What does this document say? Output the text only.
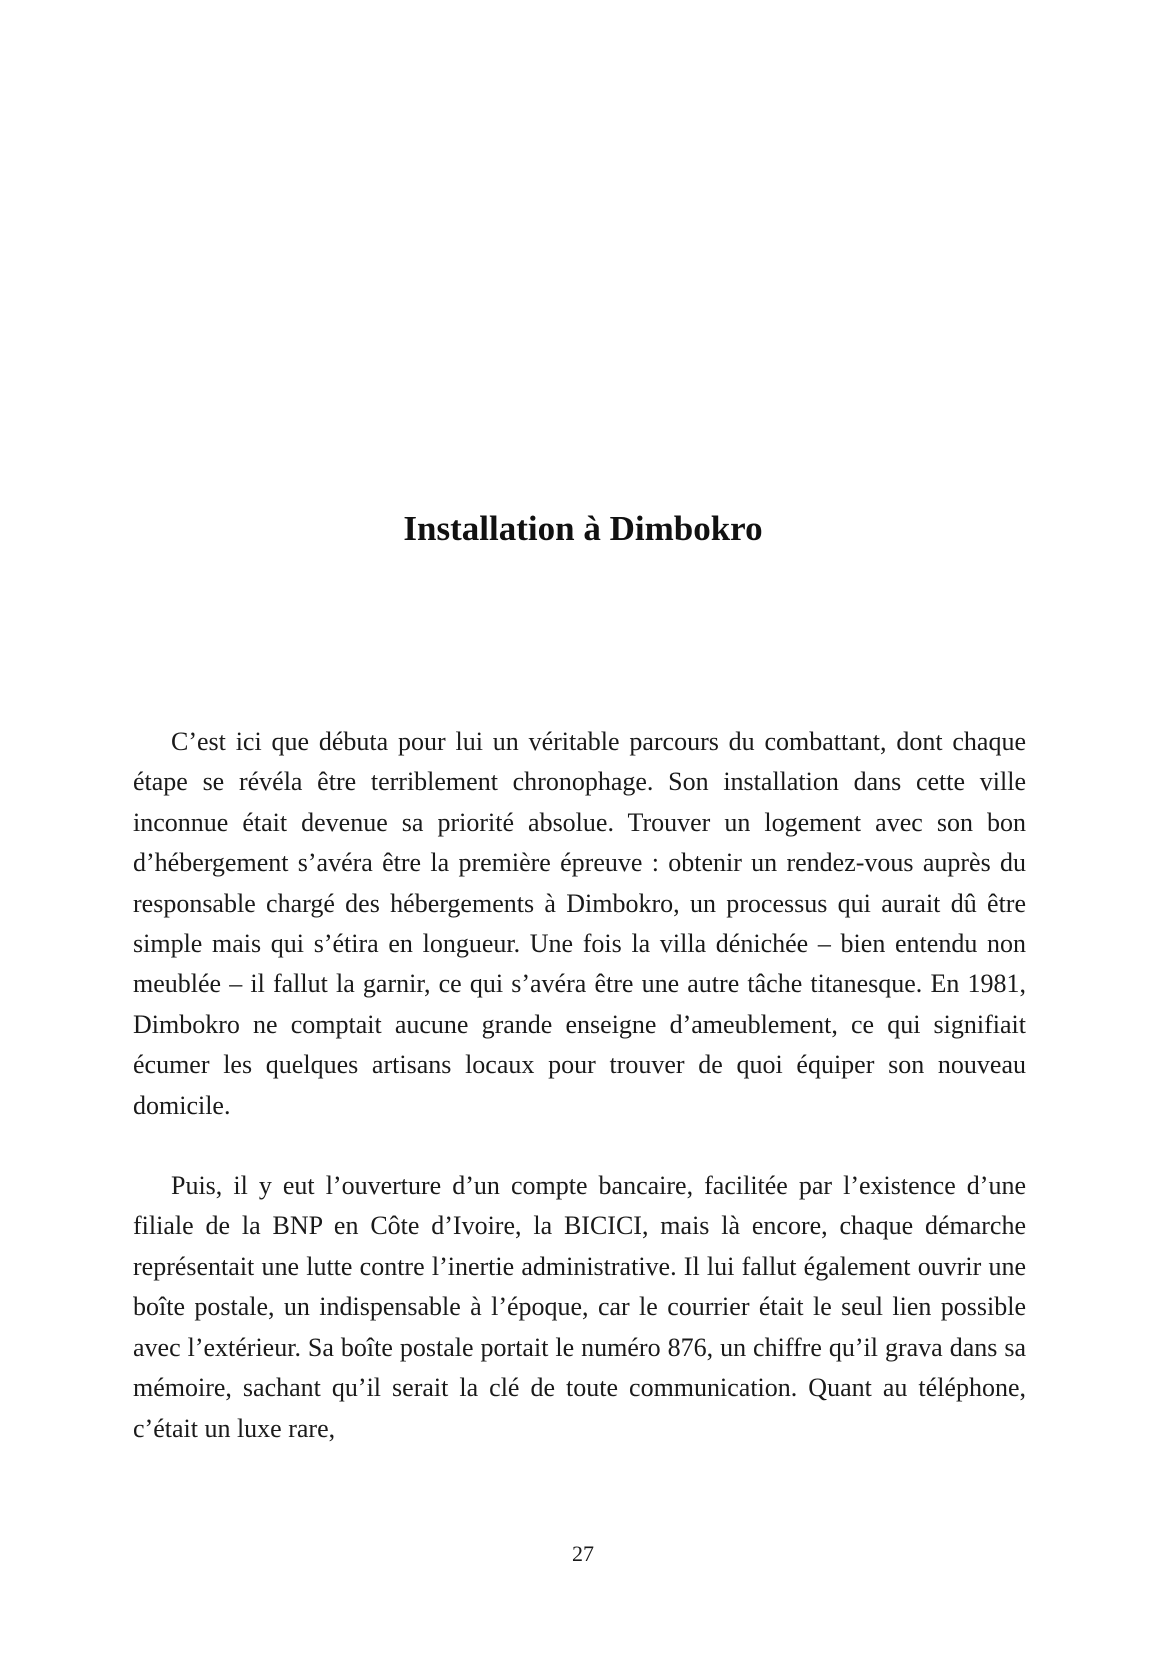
Installation à Dimbokro

C’est ici que débuta pour lui un véritable parcours du combattant, dont chaque étape se révéla être terriblement chronophage. Son installation dans cette ville inconnue était devenue sa priorité absolue. Trouver un logement avec son bon d’hébergement s’avéra être la première épreuve : obtenir un rendez-vous auprès du responsable chargé des hébergements à Dimbokro, un processus qui aurait dû être simple mais qui s’étira en longueur. Une fois la villa dénichée – bien entendu non meublée – il fallut la garnir, ce qui s’avéra être une autre tâche titanesque. En 1981, Dimbokro ne comptait aucune grande enseigne d’ameublement, ce qui signifiait écumer les quelques artisans locaux pour trouver de quoi équiper son nouveau domicile.

Puis, il y eut l’ouverture d’un compte bancaire, facilitée par l’existence d’une filiale de la BNP en Côte d’Ivoire, la BICICI, mais là encore, chaque démarche représentait une lutte contre l’inertie administrative. Il lui fallut également ouvrir une boîte postale, un indispensable à l’époque, car le courrier était le seul lien possible avec l’extérieur. Sa boîte postale portait le numéro 876, un chiffre qu’il grava dans sa mémoire, sachant qu’il serait la clé de toute communication. Quant au téléphone, c’était un luxe rare,

27
